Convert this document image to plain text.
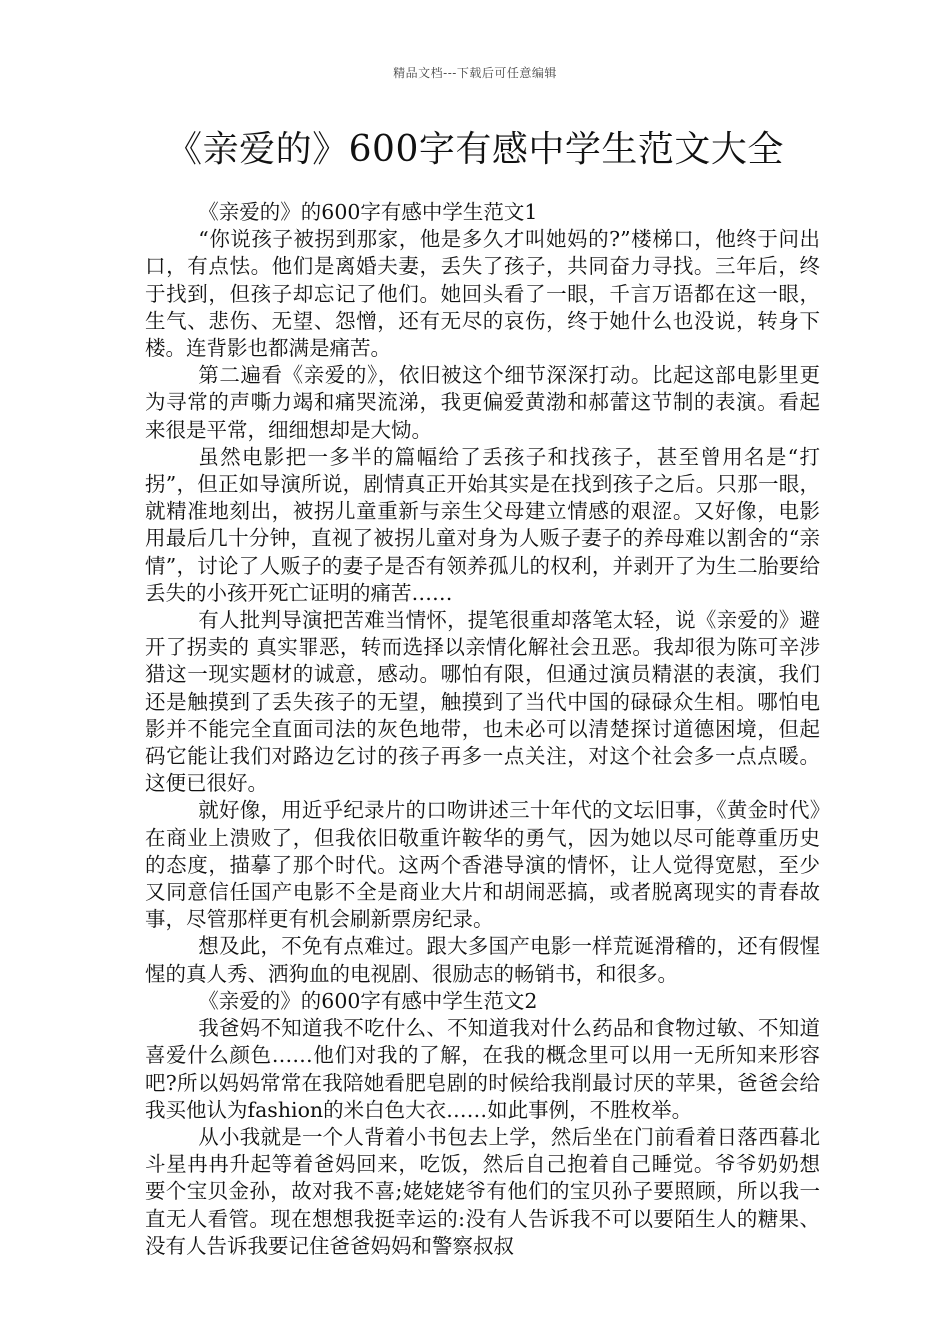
精品文档---下载后可任意编辑
《亲爱的》600字有感中学生范文大全

《亲爱的》的600字有感中学生范文1

“你说孩子被拐到那家，他是多久才叫她妈的?”楼梯口，他终于问出口，有点怯。他们是离婚夫妻，丢失了孩子，共同奋力寻找。三年后，终于找到，但孩子却忘记了他们。她回头看了一眼，千言万语都在这一眼，生气、悲伤、无望、怨憎，还有无尽的哀伤，终于她什么也没说，转身下楼。连背影也都满是痛苦。

第二遍看《亲爱的》，依旧被这个细节深深打动。比起这部电影里更为寻常的声嘶力竭和痛哭流涕，我更偏爱黄渤和郝蕾这节制的表演。看起来很是平常，细细想却是大恸。

虽然电影把一多半的篇幅给了丢孩子和找孩子，甚至曾用名是“打拐”，但正如导演所说，剧情真正开始其实是在找到孩子之后。只那一眼，就精准地刻出，被拐儿童重新与亲生父母建立情感的艰涩。又好像，电影用最后几十分钟，直视了被拐儿童对身为人贩子妻子的养母难以割舍的“亲情”，讨论了人贩子的妻子是否有领养孤儿的权利，并剥开了为生二胎要给丢失的小孩开死亡证明的痛苦……

有人批判导演把苦难当情怀，提笔很重却落笔太轻，说《亲爱的》避开了拐卖的 真实罪恶，转而选择以亲情化解社会丑恶。我却很为陈可辛涉猎这一现实题材的诚意，感动。哪怕有限，但通过演员精湛的表演，我们还是触摸到了丢失孩子的无望，触摸到了当代中国的碌碌众生相。哪怕电影并不能完全直面司法的灰色地带，也未必可以清楚探讨道德困境，但起码它能让我们对路边乞讨的孩子再多一点关注，对这个社会多一点点暖。这便已很好。

就好像，用近乎纪录片的口吻讲述三十年代的文坛旧事，《黄金时代》在商业上溃败了，但我依旧敬重许鞍华的勇气，因为她以尽可能尊重历史的态度，描摹了那个时代。这两个香港导演的情怀，让人觉得宽慰，至少又同意信任国产电影不全是商业大片和胡闹恶搞，或者脱离现实的青春故事，尽管那样更有机会刷新票房纪录。

想及此，不免有点难过。跟大多国产电影一样荒诞滑稽的，还有假惺惺的真人秀、洒狗血的电视剧、很励志的畅销书，和很多。

《亲爱的》的600字有感中学生范文2

我爸妈不知道我不吃什么、不知道我对什么药品和食物过敏、不知道喜爱什么颜色……他们对我的了解，在我的概念里可以用一无所知来形容吧?所以妈妈常常在我陪她看肥皂剧的时候给我削最讨厌的苹果，爸爸会给我买他认为fashion的米白色大衣……如此事例，不胜枚举。

从小我就是一个人背着小书包去上学，然后坐在门前看着日落西暮北斗星冉冉升起等着爸妈回来，吃饭，然后自己抱着自己睡觉。爷爷奶奶想要个宝贝金孙，故对我不喜;姥姥姥爷有他们的宝贝孙子要照顾，所以我一直无人看管。现在想想我挺幸运的:没有人告诉我不可以要陌生人的糖果、没有人告诉我要记住爸爸妈妈和警察叔叔
